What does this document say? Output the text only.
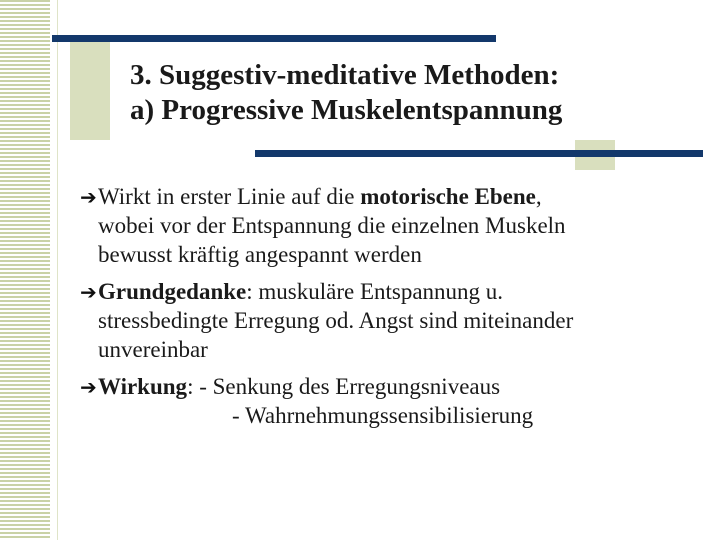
3. Suggestiv-meditative Methoden:
a) Progressive Muskelentspannung
➔ Wirkt in erster Linie auf die motorische Ebene,

wobei vor der Entspannung die einzelnen Muskeln

bewusst kräftig angespannt werden

➔ Grundgedanke: muskuläre Entspannung u.

stressbedingte Erregung od. Angst sind miteinander

unvereinbar

➔ Wirkung: - Senkung des Erregungsniveaus

- Wahrnehmungssensibilisierung
